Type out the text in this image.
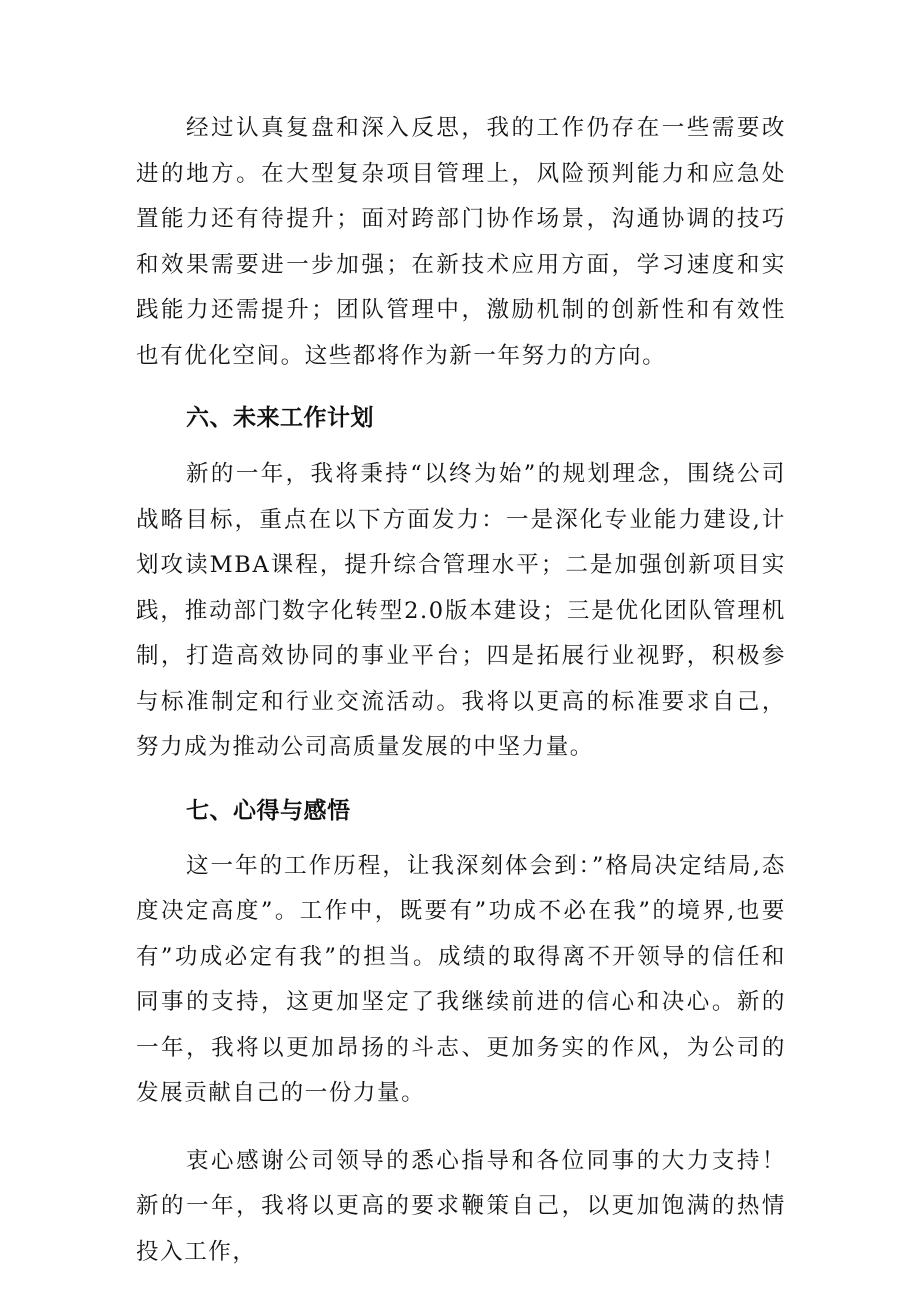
经过认真复盘和深入反思，我的工作仍存在一些需要改进的地方。在大型复杂项目管理上，风险预判能力和应急处置能力还有待提升；面对跨部门协作场景，沟通协调的技巧和效果需要进一步加强；在新技术应用方面，学习速度和实践能力还需提升；团队管理中，激励机制的创新性和有效性也有优化空间。这些都将作为新一年努力的方向。

六、未来工作计划

新的一年，我将秉持“以终为始”的规划理念，围绕公司战略目标，重点在以下方面发力：一是深化专业能力建设,计划攻读MBA课程，提升综合管理水平；二是加强创新项目实践，推动部门数字化转型2.0版本建设；三是优化团队管理机制，打造高效协同的事业平台；四是拓展行业视野，积极参与标准制定和行业交流活动。我将以更高的标准要求自己，努力成为推动公司高质量发展的中坚力量。

七、心得与感悟

这一年的工作历程，让我深刻体会到：”格局决定结局,态度决定高度”。工作中，既要有”功成不必在我”的境界,也要有”功成必定有我”的担当。成绩的取得离不开领导的信任和同事的支持，这更加坚定了我继续前进的信心和决心。新的一年，我将以更加昂扬的斗志、更加务实的作风，为公司的发展贡献自己的一份力量。

衷心感谢公司领导的悉心指导和各位同事的大力支持！新的一年，我将以更高的要求鞭策自己，以更加饱满的热情投入工作，
